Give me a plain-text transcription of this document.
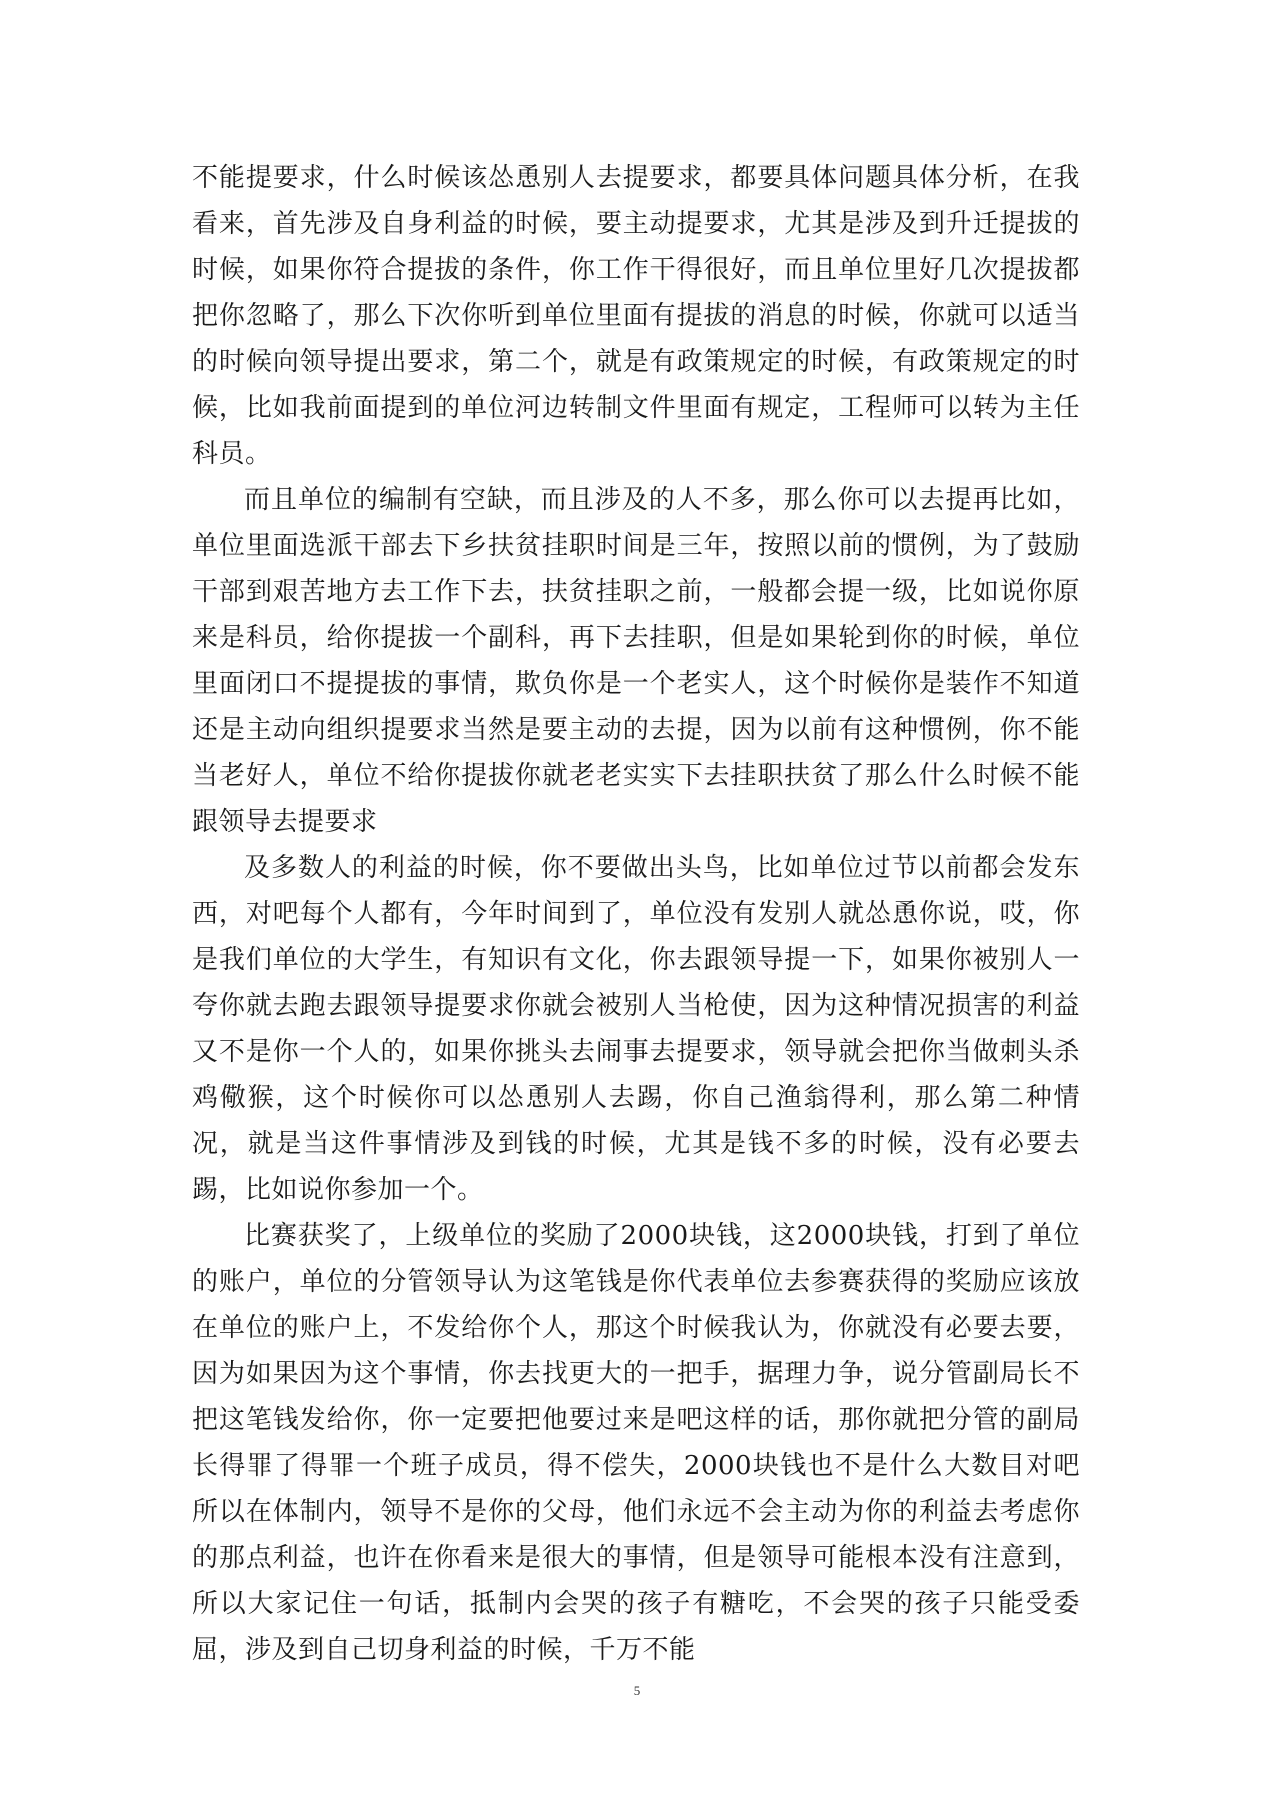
不能提要求，什么时候该怂恿别人去提要求，都要具体问题具体分析，在我看来，首先涉及自身利益的时候，要主动提要求，尤其是涉及到升迁提拔的时候，如果你符合提拔的条件，你工作干得很好，而且单位里好几次提拔都把你忽略了，那么下次你听到单位里面有提拔的消息的时候，你就可以适当的时候向领导提出要求，第二个，就是有政策规定的时候，有政策规定的时候，比如我前面提到的单位河边转制文件里面有规定，工程师可以转为主任科员。

而且单位的编制有空缺，而且涉及的人不多，那么你可以去提再比如，单位里面选派干部去下乡扶贫挂职时间是三年，按照以前的惯例，为了鼓励干部到艰苦地方去工作下去，扶贫挂职之前，一般都会提一级，比如说你原来是科员，给你提拔一个副科，再下去挂职，但是如果轮到你的时候，单位里面闭口不提提拔的事情，欺负你是一个老实人，这个时候你是装作不知道还是主动向组织提要求当然是要主动的去提，因为以前有这种惯例，你不能当老好人，单位不给你提拔你就老老实实下去挂职扶贫了那么什么时候不能跟领导去提要求

及多数人的利益的时候，你不要做出头鸟，比如单位过节以前都会发东西，对吧每个人都有，今年时间到了，单位没有发别人就怂恿你说，哎，你是我们单位的大学生，有知识有文化，你去跟领导提一下，如果你被别人一夸你就去跑去跟领导提要求你就会被别人当枪使，因为这种情况损害的利益又不是你一个人的，如果你挑头去闹事去提要求，领导就会把你当做刺头杀鸡儆猴，这个时候你可以怂恿别人去踢，你自己渔翁得利，那么第二种情况，就是当这件事情涉及到钱的时候，尤其是钱不多的时候，没有必要去踢，比如说你参加一个。

比赛获奖了，上级单位的奖励了2000块钱，这2000块钱，打到了单位的账户，单位的分管领导认为这笔钱是你代表单位去参赛获得的奖励应该放在单位的账户上，不发给你个人，那这个时候我认为，你就没有必要去要，因为如果因为这个事情，你去找更大的一把手，据理力争，说分管副局长不把这笔钱发给你，你一定要把他要过来是吧这样的话，那你就把分管的副局长得罪了得罪一个班子成员，得不偿失，2000块钱也不是什么大数目对吧所以在体制内，领导不是你的父母，他们永远不会主动为你的利益去考虑你的那点利益，也许在你看来是很大的事情，但是领导可能根本没有注意到，所以大家记住一句话，抵制内会哭的孩子有糖吃，不会哭的孩子只能受委屈，涉及到自己切身利益的时候，千万不能

5
